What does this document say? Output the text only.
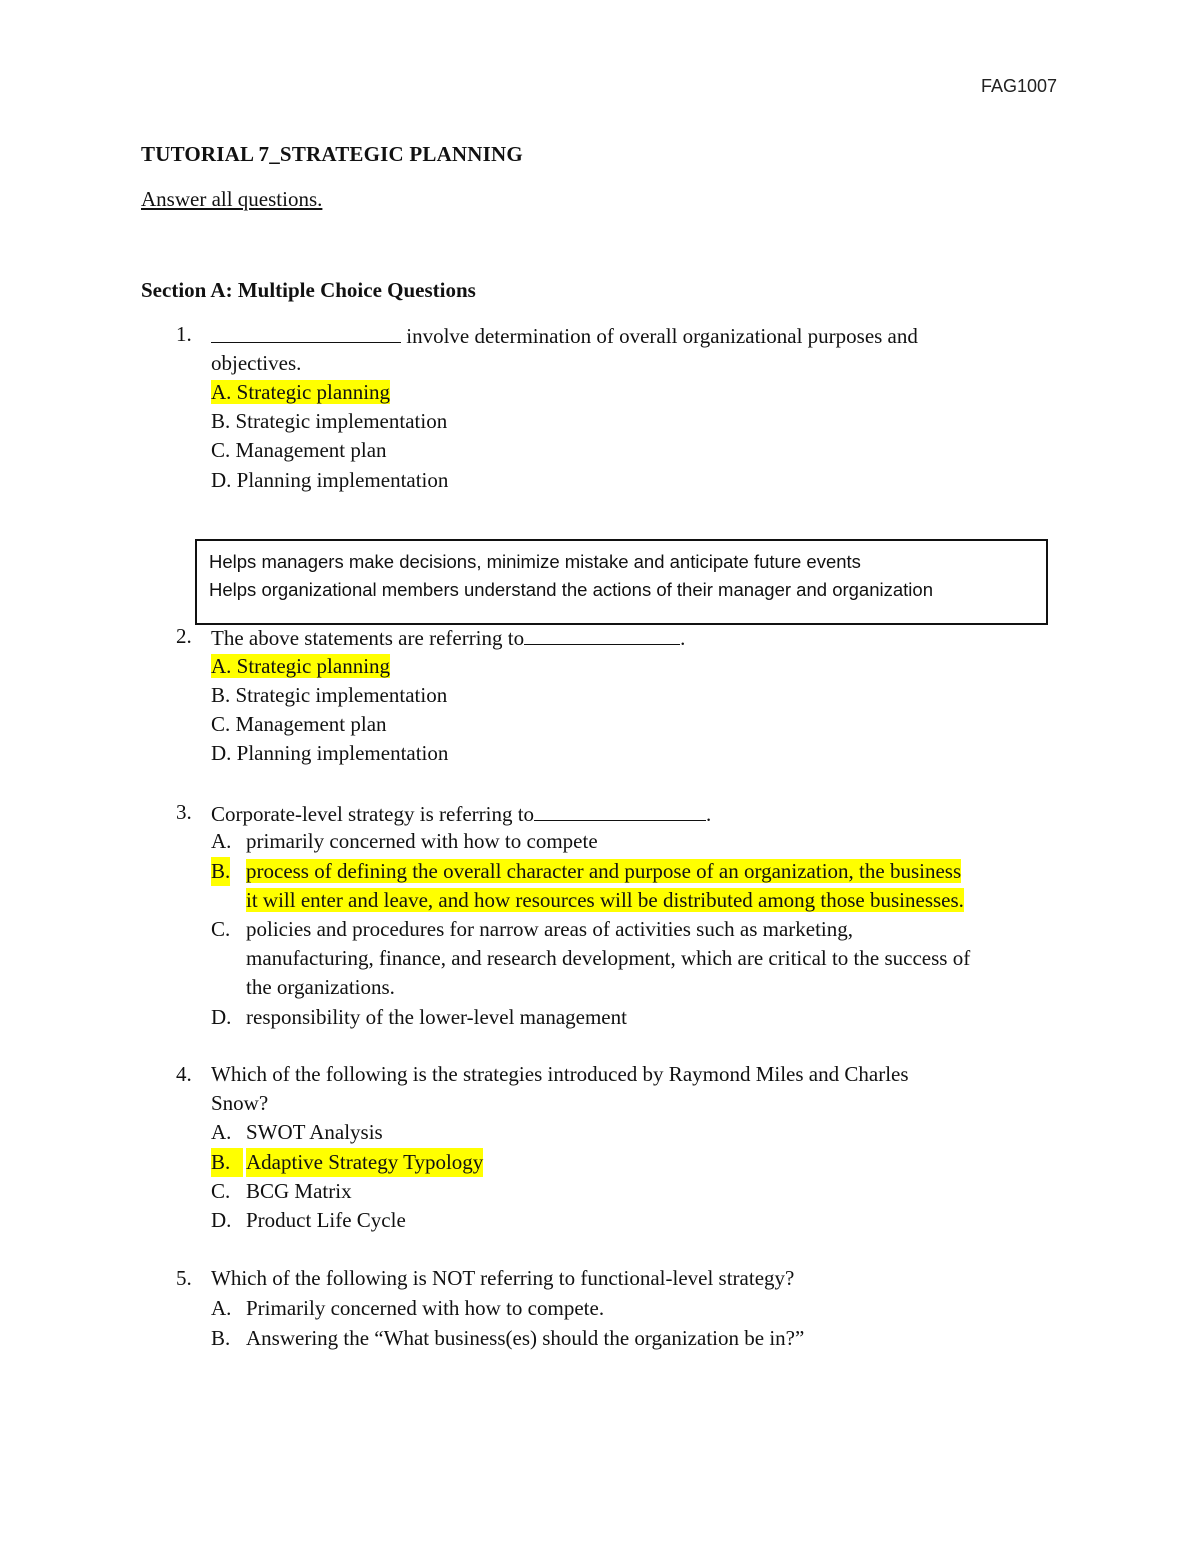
FAG1007
TUTORIAL 7_STRATEGIC PLANNING
Answer all questions.
Section A: Multiple Choice Questions
1.	involve determination of overall organizational purposes and
objectives.
A. Strategic planning
B. Strategic implementation
C. Management plan
D. Planning implementation
Helps managers make decisions, minimize mistake and anticipate future events
Helps organizational members understand the actions of their manager and organization
2. The above statements are referring to	.
A. Strategic planning
B. Strategic implementation
C. Management plan
D. Planning implementation
3. Corporate-level strategy is referring to	.
A. primarily concerned with how to compete
B. process of defining the overall character and purpose of an organization, the business
it will enter and leave, and how resources will be distributed among those businesses.
C. policies and procedures for narrow areas of activities such as marketing,
manufacturing, finance, and research development, which are critical to the success of
the organizations.
D. responsibility of the lower-level management
4. Which of the following is the strategies introduced by Raymond Miles and Charles
Snow?
A. SWOT Analysis
B. Adaptive Strategy Typology
C. BCG Matrix
D. Product Life Cycle
5. Which of the following is NOT referring to functional-level strategy?
A. Primarily concerned with how to compete.
B. Answering the “What business(es) should the organization be in?”
